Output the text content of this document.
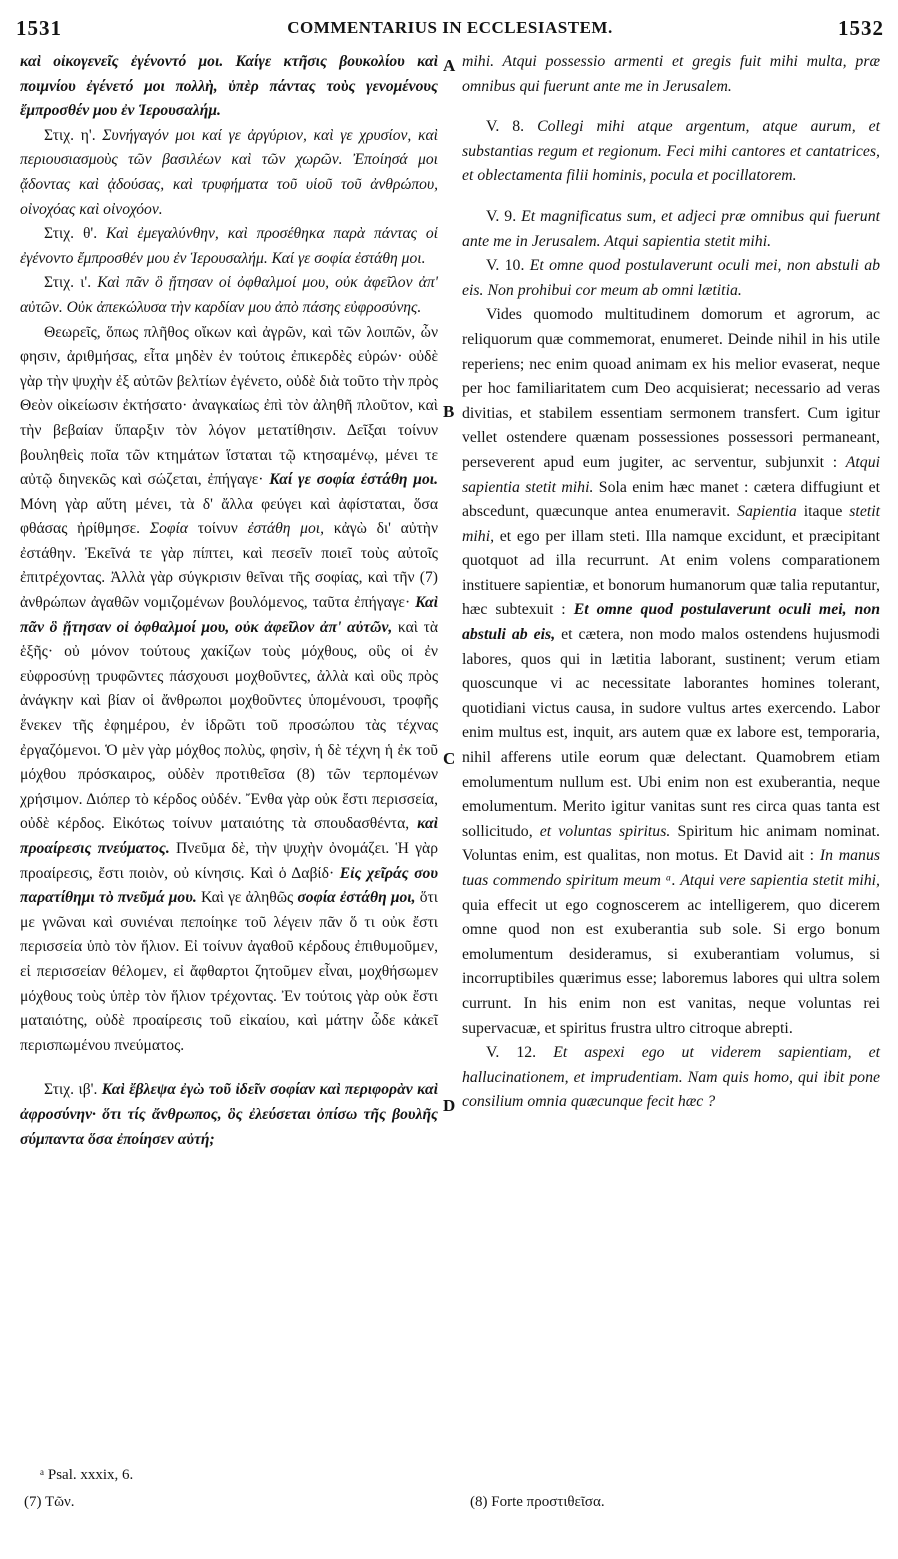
1531	COMMENTARIUS IN ECCLESIASTEM.	1532

καὶ οἰκογενεῖς ἐγένοντό μοι. Καίγε κτῆσις βουκολίου καὶ ποιμνίου ἐγένετό μοι πολλὴ, ὑπὲρ πάντας τοὺς γενομένους ἔμπροσθέν μου ἐν Ἱερουσαλήμ.

Στιχ. η'. Συνήγαγόν μοι καί γε ἀργύριον, καὶ γε χρυσίον, καὶ περιουσιασμοὺς τῶν βασιλέων καὶ τῶν χωρῶν. Ἐποίησά μοι ᾄδοντας καὶ ᾀδούσας, καὶ τρυφήματα τοῦ υἱοῦ τοῦ ἀνθρώπου, οἰνοχόας καὶ οἰνοχόον.

Στιχ. θ'. Καὶ ἐμεγαλύνθην, καὶ προσέθηκα παρὰ πάντας οἱ ἐγένοντο ἔμπροσθέν μου ἐν Ἱερουσαλήμ. Καί γε σοφία ἐστάθη μοι.

Στιχ. ι'. Καὶ πᾶν ὃ ᾔτησαν οἱ ὀφθαλμοί μου, οὐκ ἀφεῖλον ἀπ' αὐτῶν. Οὐκ ἀπεκώλυσα τὴν καρδίαν μου ἀπὸ πάσης εὐφροσύνης.

Θεωρεῖς, ὅπως πλῆθος οἴκων καὶ ἀγρῶν, καὶ τῶν λοιπῶν, ὧν φησιν, ἀριθμήσας, εἶτα μηδὲν ἐν τούτοις ἐπικερδὲς εὑρών· οὐδὲ γὰρ τὴν ψυχὴν ἐξ αὐτῶν βελτίων ἐγένετο, οὐδὲ διὰ τοῦτο τὴν πρὸς Θεὸν οἰκείωσιν ἐκτήσατο· ἀναγκαίως ἐπὶ τὸν ἀληθῆ πλοῦτον, καὶ τὴν βεβαίαν ὕπαρξιν τὸν λόγον μετατίθησιν. Δεῖξαι τοίνυν βουληθεὶς ποῖα τῶν κτημάτων ἵσταται τῷ κτησαμένῳ, μένει τε αὐτῷ διηνεκῶς καὶ σώζεται, ἐπήγαγε· Καί γε σοφία ἐστάθη μοι. Μόνη γὰρ αὕτη μένει, τὰ δ' ἄλλα φεύγει καὶ ἀφίσταται, ὅσα φθάσας ἠρίθμησε. Σοφία τοίνυν ἐστάθη μοι, κἀγὼ δι' αὐτὴν ἐστάθην. Ἐκεῖνά τε γὰρ πίπτει, καὶ πεσεῖν ποιεῖ τοὺς αὐτοῖς ἐπιτρέχοντας. Ἀλλὰ γὰρ σύγκρισιν θεῖναι τῆς σοφίας, καὶ τῆν (7) ἀνθρώπων ἀγαθῶν νομιζομένων βουλόμενος, ταῦτα ἐπήγαγε· Καὶ πᾶν ὃ ᾔτησαν οἱ ὀφθαλμοί μου, οὐκ ἀφεῖλον ἀπ' αὐτῶν, καὶ τὰ ἑξῆς· οὐ μόνον τούτους χακίζων τοὺς μόχθους, οὓς οἱ ἐν εὐφροσύνῃ τρυφῶντες πάσχουσι μοχθοῦντες, ἀλλὰ καὶ οὓς πρὸς ἀνάγκην καὶ βίαν οἱ ἄνθρωποι μοχθοῦντες ὑπομένουσι, τροφῆς ἕνεκεν τῆς ἐφημέρου, ἐν ἱδρῶτι τοῦ προσώπου τὰς τέχνας ἐργαζόμενοι. Ὁ μὲν γὰρ μόχθος πολὺς, φησὶν, ἡ δὲ τέχνη ἡ ἐκ τοῦ μόχθου πρόσκαιρος, οὐδὲν προτιθεῖσα (8) τῶν τερπομένων χρήσιμον. Διόπερ τὸ κέρδος οὐδέν. Ἔνθα γὰρ οὐκ ἔστι περισσεία, οὐδὲ κέρδος. Εἰκότως τοίνυν ματαιότης τὰ σπουδασθέντα, καὶ προαίρεσις πνεύματος. Πνεῦμα δὲ, τὴν ψυχὴν ὀνομάζει. Ἡ γὰρ προαίρεσις, ἔστι ποιὸν, οὐ κίνησις. Καὶ ὁ Δαβίδ· Εἰς χεῖράς σου παρατίθημι τὸ πνεῦμά μου. Καὶ γε ἀληθῶς σοφία ἐστάθη μοι, ὅτι με γνῶναι καὶ συνιέναι πεποίηκε τοῦ λέγειν πᾶν ὅ τι οὐκ ἔστι περισσεία ὑπὸ τὸν ἥλιον. Εἰ τοίνυν ἀγαθοῦ κέρδους ἐπιθυμοῦμεν, εἰ περισσείαν θέλομεν, εἰ ἄφθαρτοι ζητοῦμεν εἶναι, μοχθήσωμεν μόχθους τοὺς ὑπὲρ τὸν ἥλιον τρέχοντας. Ἐν τούτοις γὰρ οὐκ ἔστι ματαιότης, οὐδὲ προαίρεσις τοῦ εἰκαίου, καὶ μάτην ὧδε κἀκεῖ περισπωμένου πνεύματος.

Στιχ. ιβ'. Καὶ ἔβλεψα ἐγὼ τοῦ ἰδεῖν σοφίαν καὶ περιφορὰν καὶ ἀφροσύνην· ὅτι τίς ἄνθρωπος, ὃς ἐλεύσεται ὀπίσω τῆς βουλῆς σύμπαντα ὅσα ἐποίησεν αὐτή;

mihi. Atqui possessio armenti et gregis fuit mihi multa, præ omnibus qui fuerunt ante me in Jerusalem.

V. 8. Collegi mihi atque argentum, atque aurum, et substantias regum et regionum. Feci mihi cantores et cantatrices, et oblectamenta filii hominis, pocula et pocillatorem.

V. 9. Et magnificatus sum, et adjeci præ omnibus qui fuerunt ante me in Jerusalem. Atqui sapientia stetit mihi.

V. 10. Et omne quod postulaverunt oculi mei, non abstuli ab eis. Non prohibui cor meum ab omni lætitia.

Vides quomodo multitudinem domorum et agrorum, ac reliquorum quæ commemorat, enumeret. Deinde nihil in his utile reperiens; nec enim quoad animam ex his melior evaserat, neque per hoc familiaritatem cum Deo acquisierat; necessario ad veras divitias, et stabilem essentiam sermonem transfert. Cum igitur vellet ostendere quænam possessiones possessori permaneant, perseverent apud eum jugiter, ac serventur, subjunxit : Atqui sapientia stetit mihi. Sola enim hæc manet : cætera diffugiunt et abscedunt, quæcunque antea enumeravit. Sapientia itaque stetit mihi, et ego per illam steti. Illa namque excidunt, et præcipitant quotquot ad illa recurrunt. At enim volens comparationem instituere sapientiæ, et bonorum humanorum quæ talia reputantur, hæc subtexuit : Et omne quod postulaverunt oculi mei, non abstuli ab eis, et cætera, non modo malos ostendens hujusmodi labores, quos qui in lætitia laborant, sustinent; verum etiam quoscunque vi ac necessitate laborantes homines tolerant, quotidiani victus causa, in sudore vultus artes exercendo. Labor enim multus est, inquit, ars autem quæ ex labore est, temporaria, nihil afferens utile eorum quæ delectant. Quamobrem etiam emolumentum nullum est. Ubi enim non est exuberantia, neque emolumentum. Merito igitur vanitas sunt res circa quas tanta est sollicitudo, et voluntas spiritus. Spiritum hic animam nominat. Voluntas enim, est qualitas, non motus. Et David ait : In manus tuas commendo spiritum meum ᵃ. Atqui vere sapientia stetit mihi, quia effecit ut ego cognoscerem ac intelligerem, quo dicerem omne quod non est exuberantia sub sole. Si ergo bonum emolumentum desideramus, si exuberantiam volumus, si incorruptibiles quærimus esse; laboremus labores qui ultra solem currunt. In his enim non est vanitas, neque voluntas rei supervacuæ, et spiritus frustra ultro citroque abrepti.

V. 12. Et aspexi ego ut viderem sapientiam, et hallucinationem, et imprudentiam. Nam quis homo, qui ibit pone consilium omnia quæcunque fecit hæc ?

A
B
C
D
ᵃ Psal. xxxix, 6.
(7) Τῶν.	(8) Forte προστιθεῖσα.
